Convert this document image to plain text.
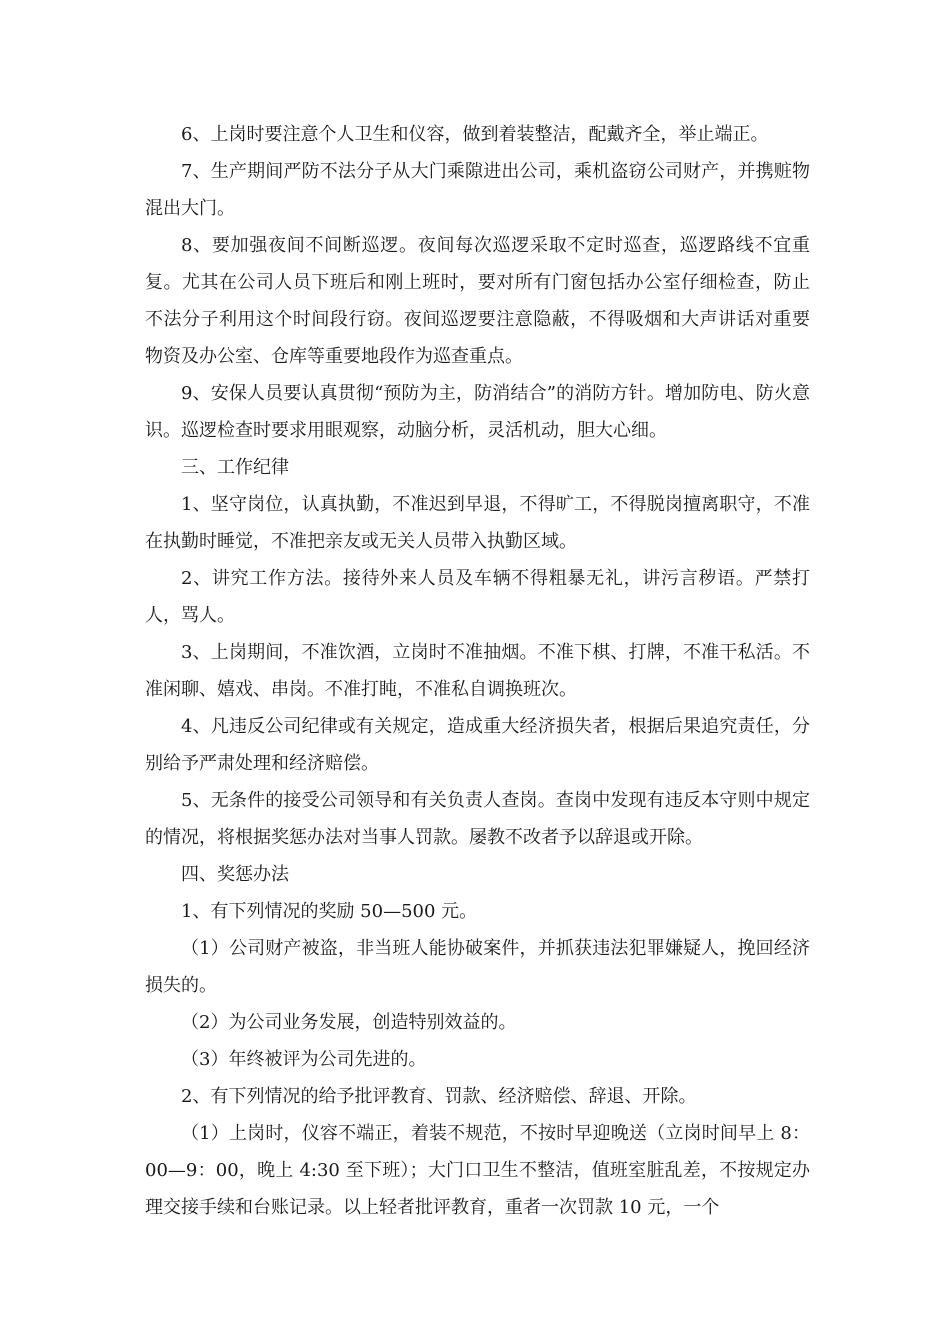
6、上岗时要注意个人卫生和仪容，做到着装整洁，配戴齐全，举止端正。

7、生产期间严防不法分子从大门乘隙进出公司，乘机盗窃公司财产，并携赃物混出大门。

8、要加强夜间不间断巡逻。夜间每次巡逻采取不定时巡查，巡逻路线不宜重复。尤其在公司人员下班后和刚上班时，要对所有门窗包括办公室仔细检查，防止不法分子利用这个时间段行窃。夜间巡逻要注意隐蔽，不得吸烟和大声讲话对重要物资及办公室、仓库等重要地段作为巡查重点。

9、安保人员要认真贯彻“预防为主，防消结合”的消防方针。增加防电、防火意识。巡逻检查时要求用眼观察，动脑分析，灵活机动，胆大心细。

三、工作纪律

1、坚守岗位，认真执勤，不准迟到早退，不得旷工，不得脱岗擅离职守，不准在执勤时睡觉，不准把亲友或无关人员带入执勤区域。

2、讲究工作方法。接待外来人员及车辆不得粗暴无礼，讲污言秽语。严禁打人，骂人。

3、上岗期间，不准饮酒，立岗时不准抽烟。不准下棋、打牌，不准干私活。不准闲聊、嬉戏、串岗。不准打盹，不准私自调换班次。

4、凡违反公司纪律或有关规定，造成重大经济损失者，根据后果追究责任，分别给予严肃处理和经济赔偿。

5、无条件的接受公司领导和有关负责人查岗。查岗中发现有违反本守则中规定的情况，将根据奖惩办法对当事人罚款。屡教不改者予以辞退或开除。

四、奖惩办法

1、有下列情况的奖励 50—500 元。

（1）公司财产被盗，非当班人能协破案件，并抓获违法犯罪嫌疑人，挽回经济损失的。

（2）为公司业务发展，创造特别效益的。

（3）年终被评为公司先进的。

2、有下列情况的给予批评教育、罚款、经济赔偿、辞退、开除。

（1）上岗时，仪容不端正，着装不规范，不按时早迎晚送（立岗时间早上 8：00—9：00，晚上 4:30 至下班）；大门口卫生不整洁，值班室脏乱差，不按规定办理交接手续和台账记录。以上轻者批评教育，重者一次罚款 10 元，一个
